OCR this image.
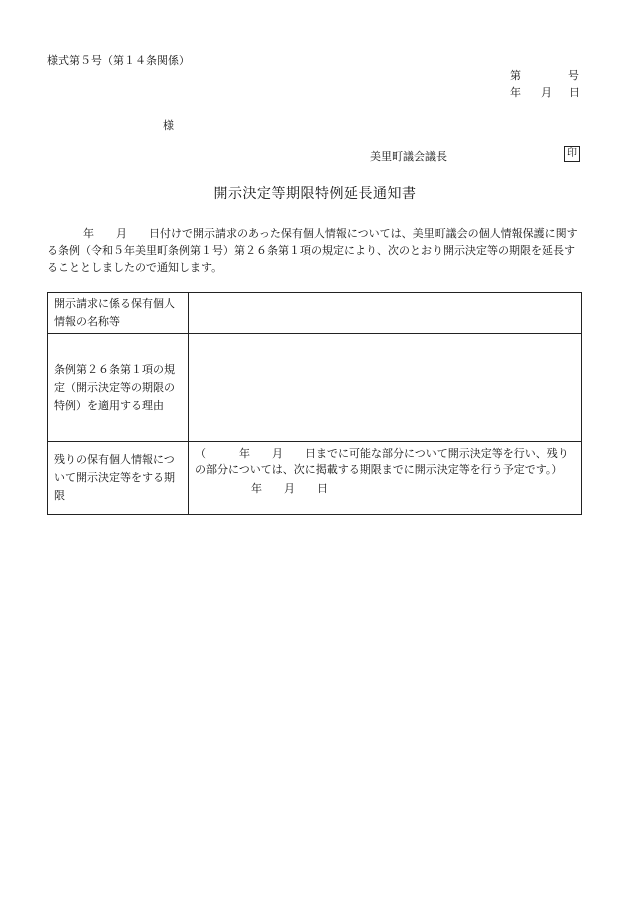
様式第５号（第１４条関係）
第	号
年 月 日
様
美里町議会議長	印
開示決定等期限特例延長通知書
年　　月　　日付けで開示請求のあった保有個人情報については、美里町議会の個人情報保護に関する条例（令和５年美里町条例第１号）第２６条第１項の規定により、次のとおり開示決定等の期限を延長することとしましたので通知します。
開示請求に係る保有個人情報の名称等	
条例第２６条第１項の規定（開示決定等の期限の特例）を適用する理由	
残りの保有個人情報について開示決定等をする期限	（　　　年　　月　　日までに可能な部分について開示決定等を行い、残りの部分については、次に掲載する期限までに開示決定等を行う予定です。）
年　　月　　日
